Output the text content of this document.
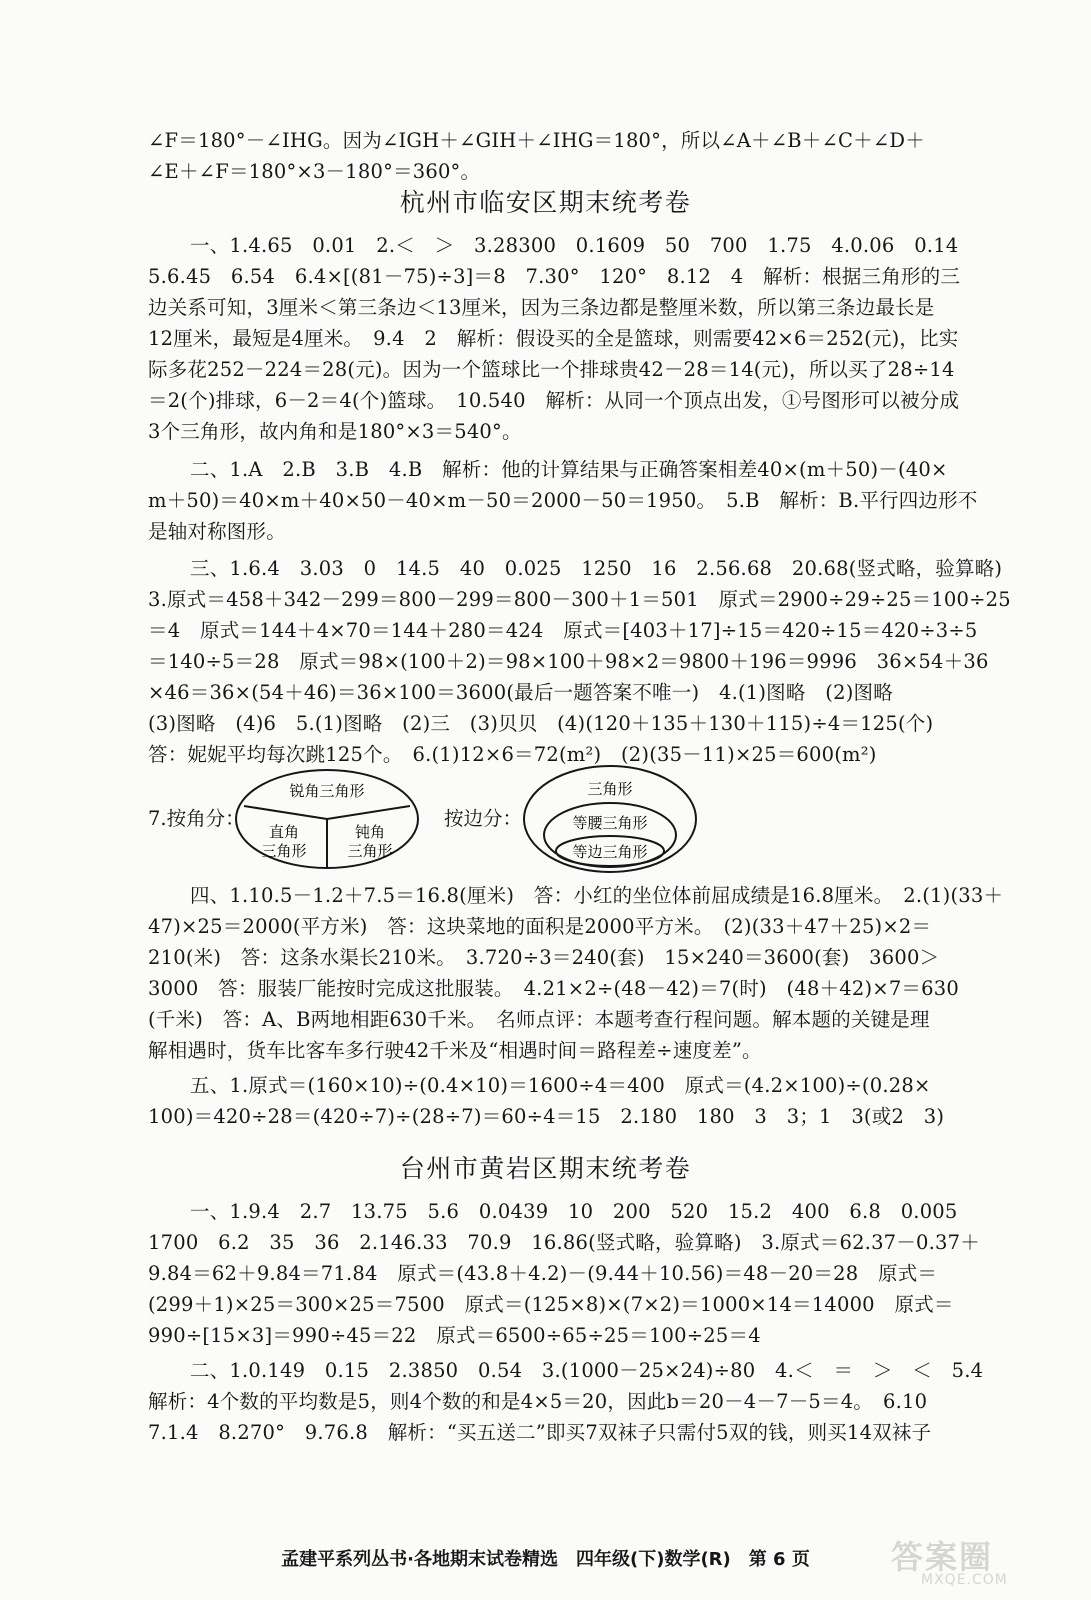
∠F＝180°－∠IHG。因为∠IGH＋∠GIH＋∠IHG＝180°，所以∠A＋∠B＋∠C＋∠D＋
∠E＋∠F＝180°×3－180°＝360°。
杭州市临安区期末统考卷
一、1.4.65　0.01　2.＜　＞　3.28300　0.1609　50　700　1.75　4.0.06　0.14
5.6.45　6.54　6.4×[(81－75)÷3]＝8　7.30°　120°　8.12　4　解析：根据三角形的三
边关系可知，3厘米＜第三条边＜13厘米，因为三条边都是整厘米数，所以第三条边最长是
12厘米，最短是4厘米。　9.4　2　解析：假设买的全是篮球，则需要42×6＝252(元)，比实
际多花252－224＝28(元)。因为一个篮球比一个排球贵42－28＝14(元)，所以买了28÷14
＝2(个)排球，6－2＝4(个)篮球。　10.540　解析：从同一个顶点出发，①号图形可以被分成
3个三角形，故内角和是180°×3＝540°。
二、1.A　2.B　3.B　4.B　解析：他的计算结果与正确答案相差40×(m＋50)－(40×
m＋50)＝40×m＋40×50－40×m－50＝2000－50＝1950。　5.B　解析：B.平行四边形不
是轴对称图形。
三、1.6.4　3.03　0　14.5　40　0.025　1250　16　2.56.68　20.68(竖式略，验算略)
3.原式＝458＋342－299＝800－299＝800－300＋1＝501　原式＝2900÷29÷25＝100÷25
＝4　原式＝144＋4×70＝144＋280＝424　原式＝[403＋17]÷15＝420÷15＝420÷3÷5
＝140÷5＝28　原式＝98×(100＋2)＝98×100＋98×2＝9800＋196＝9996　36×54＋36
×46＝36×(54＋46)＝36×100＝3600(最后一题答案不唯一)　4.(1)图略　(2)图略
(3)图略　(4)6　5.(1)图略　(2)三　(3)贝贝　(4)(120＋135＋130＋115)÷4＝125(个)
答：妮妮平均每次跳125个。　6.(1)12×6＝72(m²)　(2)(35－11)×25＝600(m²)
7.按角分：
锐角三角形
直角
三角形
钝角
三角形
按边分：
三角形
等腰三角形
等边三角形
四、1.10.5－1.2＋7.5＝16.8(厘米)　答：小红的坐位体前屈成绩是16.8厘米。　2.(1)(33＋
47)×25＝2000(平方米)　答：这块菜地的面积是2000平方米。　(2)(33＋47＋25)×2＝
210(米)　答：这条水渠长210米。　3.720÷3＝240(套)　15×240＝3600(套)　3600＞
3000　答：服装厂能按时完成这批服装。　4.21×2÷(48－42)＝7(时)　(48＋42)×7＝630
(千米)　答：A、B两地相距630千米。　名师点评：本题考查行程问题。解本题的关键是理
解相遇时，货车比客车多行驶42千米及“相遇时间＝路程差÷速度差”。
五、1.原式＝(160×10)÷(0.4×10)＝1600÷4＝400　原式＝(4.2×100)÷(0.28×
100)＝420÷28＝(420÷7)÷(28÷7)＝60÷4＝15　2.180　180　3　3；1　3(或2　3)
台州市黄岩区期末统考卷
一、1.9.4　2.7　13.75　5.6　0.0439　10　200　520　15.2　400　6.8　0.005
1700　6.2　35　36　2.146.33　70.9　16.86(竖式略，验算略)　3.原式＝62.37－0.37＋
9.84＝62＋9.84＝71.84　原式＝(43.8＋4.2)－(9.44＋10.56)＝48－20＝28　原式＝
(299＋1)×25＝300×25＝7500　原式＝(125×8)×(7×2)＝1000×14＝14000　原式＝
990÷[15×3]＝990÷45＝22　原式＝6500÷65÷25＝100÷25＝4
二、1.0.149　0.15　2.3850　0.54　3.(1000－25×24)÷80　4.＜　＝　＞　＜　5.4
解析：4个数的平均数是5，则4个数的和是4×5＝20，因此b＝20－4－7－5＝4。　6.10
7.1.4　8.270°　9.76.8　解析：“买五送二”即买7双袜子只需付5双的钱，则买14双袜子
孟建平系列丛书·各地期末试卷精选　四年级(下)数学(R)　第 6 页	答案圈
MXQE.COM
